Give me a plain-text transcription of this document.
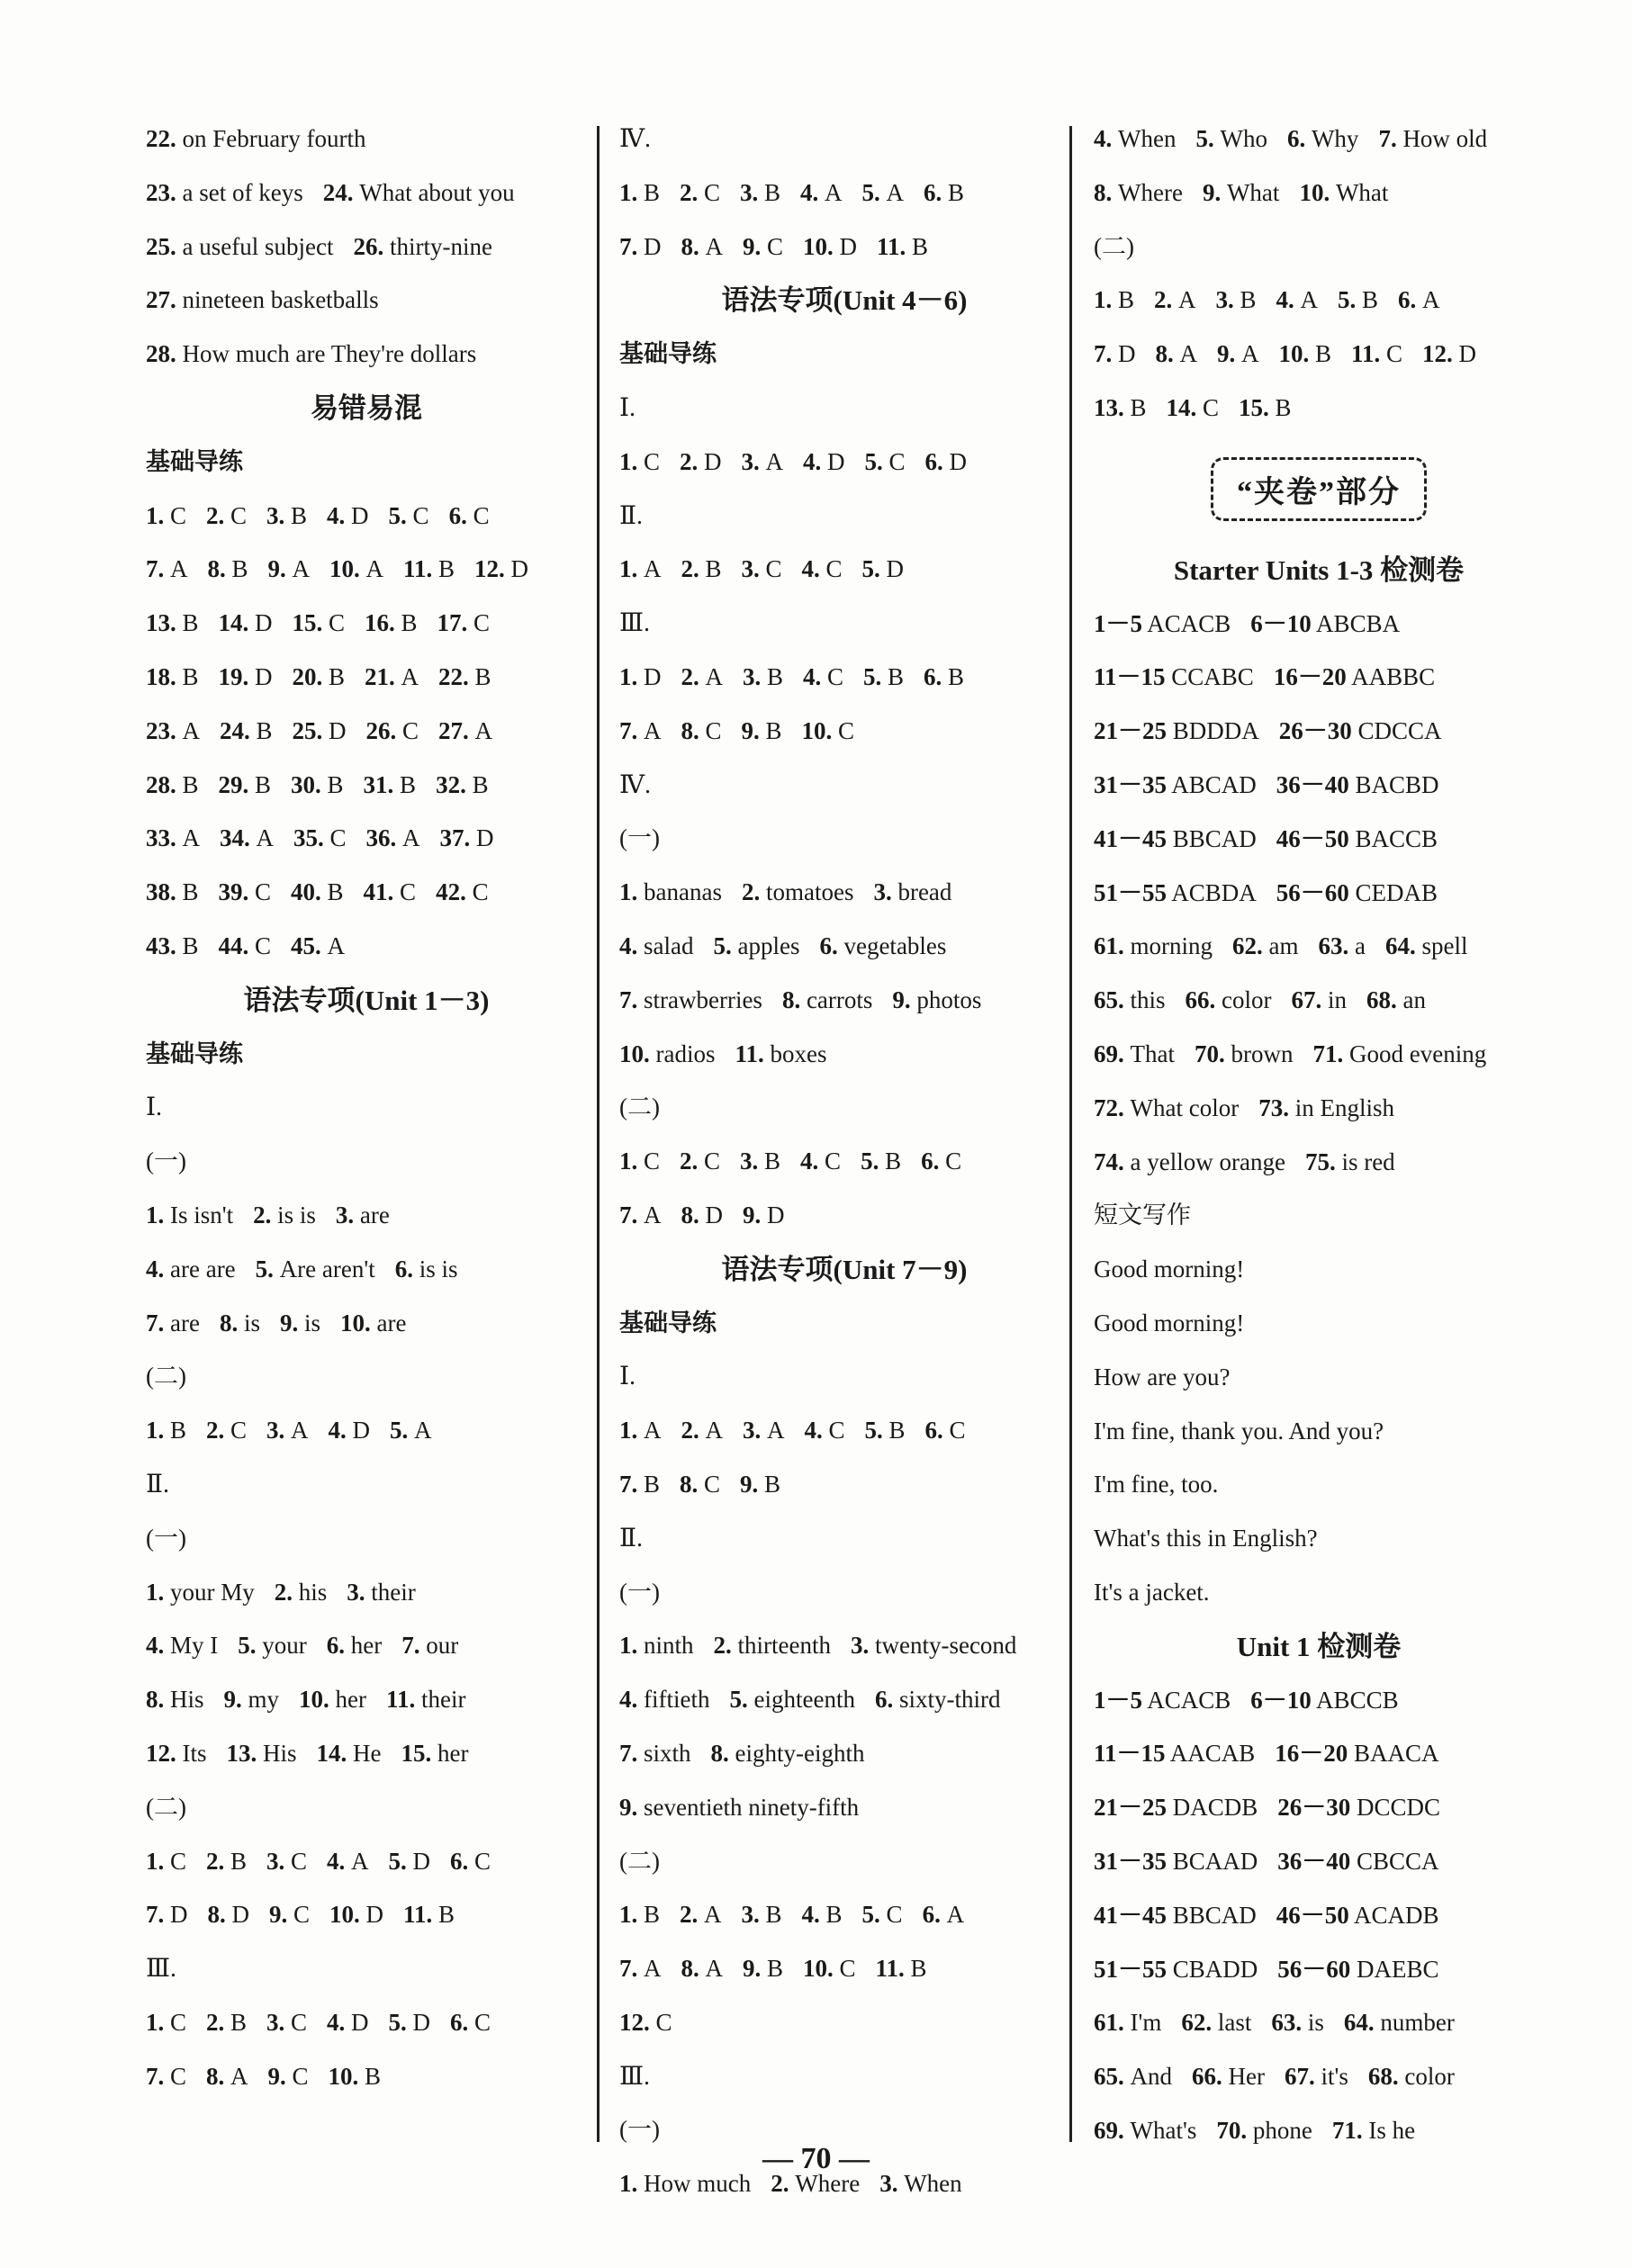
22. on February fourth
23. a set of keys 24. What about you
25. a useful subject 26. thirty-nine
27. nineteen basketballs
28. How much are They're dollars
易错易混
基础导练
1. C 2. C 3. B 4. D 5. C 6. C
7. A 8. B 9. A 10. A 11. B 12. D
13. B 14. D 15. C 16. B 17. C
18. B 19. D 20. B 21. A 22. B
23. A 24. B 25. D 26. C 27. A
28. B 29. B 30. B 31. B 32. B
33. A 34. A 35. C 36. A 37. D
38. B 39. C 40. B 41. C 42. C
43. B 44. C 45. A
语法专项(Unit 1－3)
基础导练
Ⅰ.
(一)
1. Is isn't 2. is is 3. are
4. are are 5. Are aren't 6. is is
7. are 8. is 9. is 10. are
(二)
1. B 2. C 3. A 4. D 5. A
Ⅱ.
(一)
1. your My 2. his 3. their
4. My I 5. your 6. her 7. our
8. His 9. my 10. her 11. their
12. Its 13. His 14. He 15. her
(二)
1. C 2. B 3. C 4. A 5. D 6. C
7. D 8. D 9. C 10. D 11. B
Ⅲ.
1. C 2. B 3. C 4. D 5. D 6. C
7. C 8. A 9. C 10. B
Ⅳ.
1. B 2. C 3. B 4. A 5. A 6. B
7. D 8. A 9. C 10. D 11. B
语法专项(Unit 4－6)
基础导练
Ⅰ.
1. C 2. D 3. A 4. D 5. C 6. D
Ⅱ.
1. A 2. B 3. C 4. C 5. D
Ⅲ.
1. D 2. A 3. B 4. C 5. B 6. B
7. A 8. C 9. B 10. C
Ⅳ.
(一)
1. bananas 2. tomatoes 3. bread
4. salad 5. apples 6. vegetables
7. strawberries 8. carrots 9. photos
10. radios 11. boxes
(二)
1. C 2. C 3. B 4. C 5. B 6. C
7. A 8. D 9. D
语法专项(Unit 7－9)
基础导练
Ⅰ.
1. A 2. A 3. A 4. C 5. B 6. C
7. B 8. C 9. B
Ⅱ.
(一)
1. ninth 2. thirteenth 3. twenty-second
4. fiftieth 5. eighteenth 6. sixty-third
7. sixth 8. eighty-eighth
9. seventieth ninety-fifth
(二)
1. B 2. A 3. B 4. B 5. C 6. A
7. A 8. A 9. B 10. C 11. B
12. C
Ⅲ.
(一)
1. How much 2. Where 3. When
4. When 5. Who 6. Why 7. How old
8. Where 9. What 10. What
(二)
1. B 2. A 3. B 4. A 5. B 6. A
7. D 8. A 9. A 10. B 11. C 12. D
13. B 14. C 15. B
“夹卷”部分
Starter Units 1-3 检测卷
1－5 ACACB 6－10 ABCBA
11－15 CCABC 16－20 AABBC
21－25 BDDDA 26－30 CDCCA
31－35 ABCAD 36－40 BACBD
41－45 BBCAD 46－50 BACCB
51－55 ACBDA 56－60 CEDAB
61. morning 62. am 63. a 64. spell
65. this 66. color 67. in 68. an
69. That 70. brown 71. Good evening
72. What color 73. in English
74. a yellow orange 75. is red
短文写作
Good morning!
Good morning!
How are you?
I'm fine, thank you. And you?
I'm fine, too.
What's this in English?
It's a jacket.
Unit 1 检测卷
1－5 ACACB 6－10 ABCCB
11－15 AACAB 16－20 BAACA
21－25 DACDB 26－30 DCCDC
31－35 BCAAD 36－40 CBCCA
41－45 BBCAD 46－50 ACADB
51－55 CBADD 56－60 DAEBC
61. I'm 62. last 63. is 64. number
65. And 66. Her 67. it's 68. color
69. What's 70. phone 71. Is he
— 70 —
